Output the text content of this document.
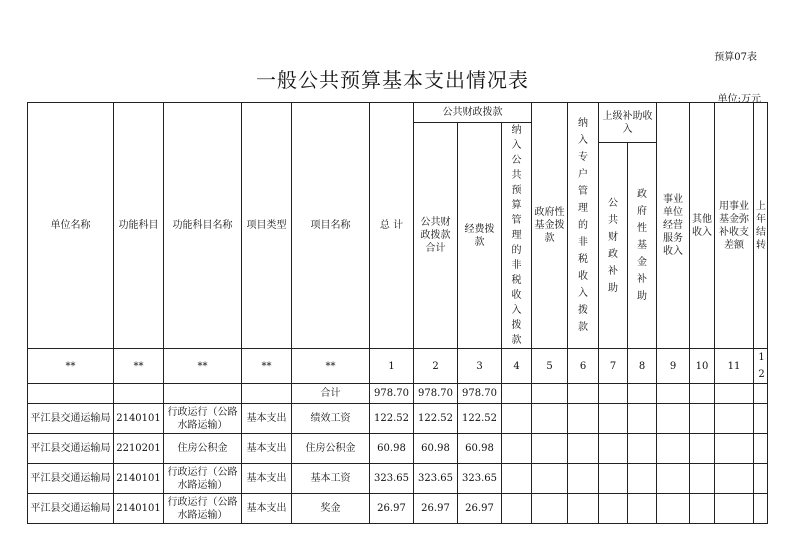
预算07表
一般公共预算基本支出情况表
单位:万元
单位名称	功能科目	功能科目名称	项目类型	项目名称	总 计	公共财政拨款			政府性基金拨款	纳入专户管理的非税收入拨款	上级补助收入		事业单位经营服务收入	其他收入	用事业基金弥补收支差额	上年结转
						公共财政拨款合计	经费拨款	纳入公共预算管理的非税收入拨款								
											公共财政补助	政府性基金补助				
**	**	**	**	**	1	2	3	4	5	6	7	8	9	10	11	12
				合计	978.70	978.70	978.70									
平江县交通运输局	2140101	行政运行（公路水路运输）	基本支出	绩效工资	122.52	122.52	122.52									
平江县交通运输局	2210201	住房公积金	基本支出	住房公积金	60.98	60.98	60.98									
平江县交通运输局	2140101	行政运行（公路水路运输）	基本支出	基本工资	323.65	323.65	323.65									
平江县交通运输局	2140101	行政运行（公路水路运输）	基本支出	奖金	26.97	26.97	26.97									
